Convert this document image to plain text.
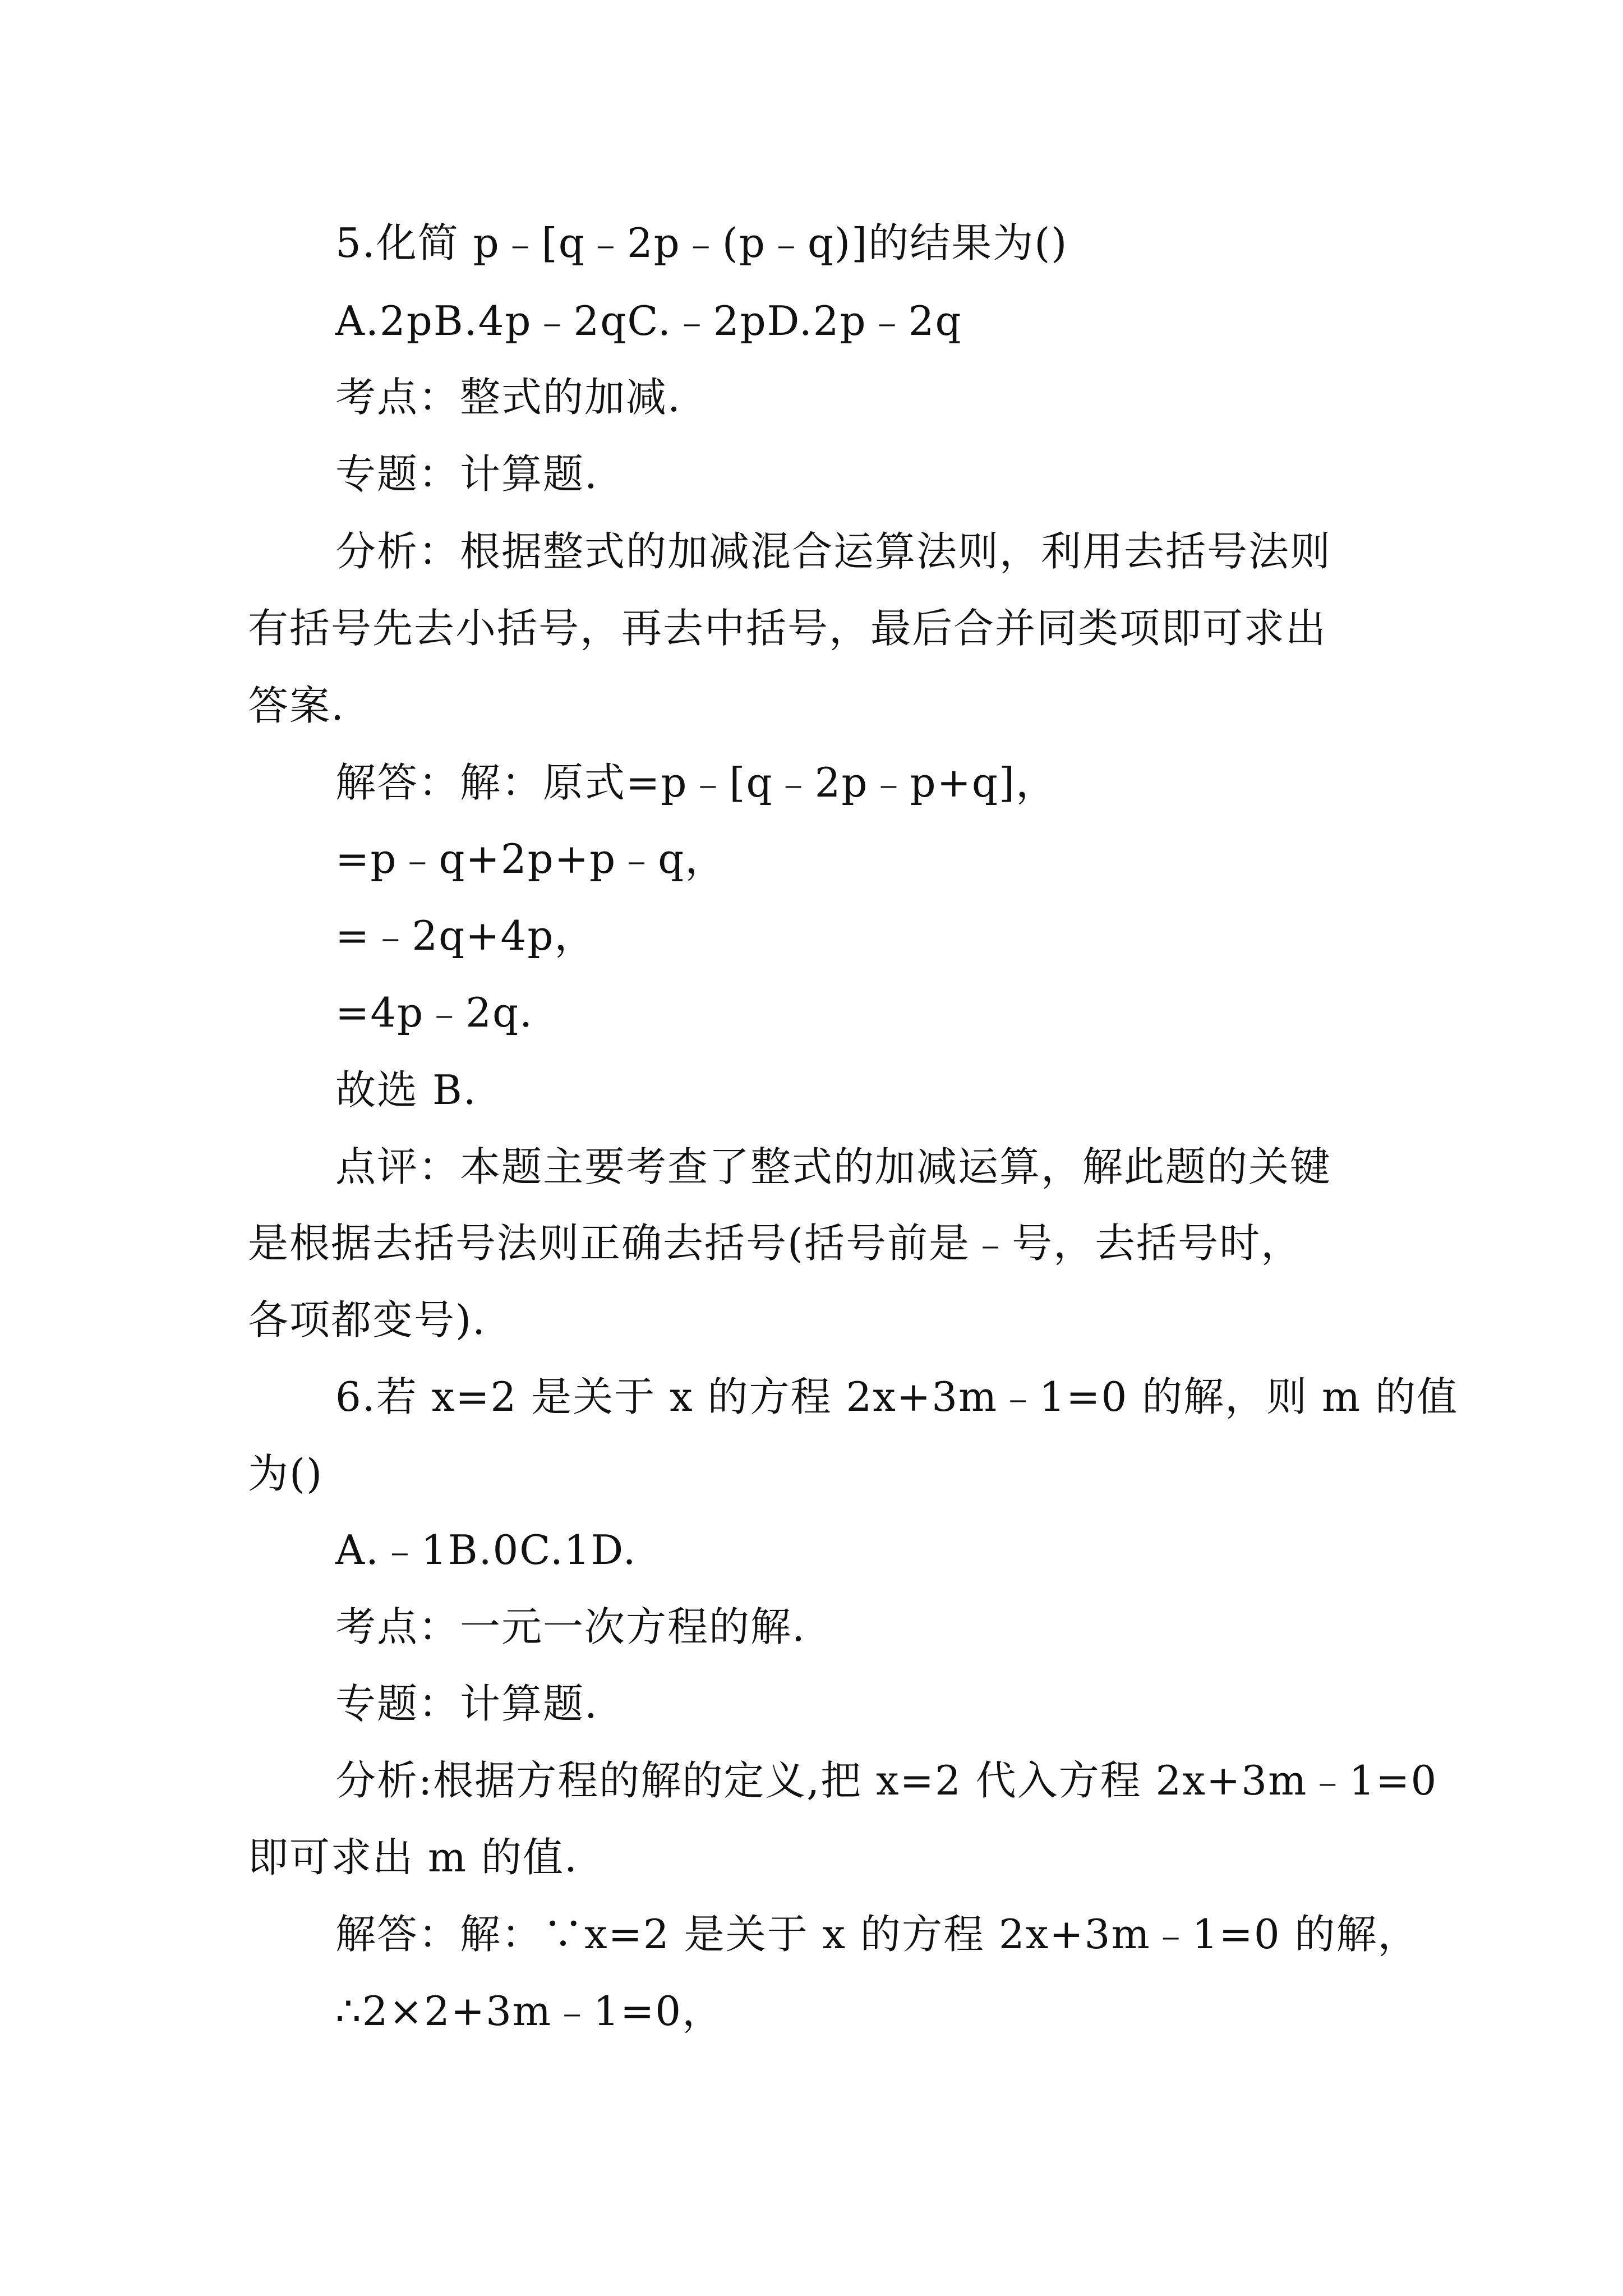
5.化简 p﹣[q﹣2p﹣(p﹣q)]的结果为()
A.2pB.4p﹣2qC.﹣2pD.2p﹣2q
考点：整式的加减.
专题：计算题.
分析：根据整式的加减混合运算法则，利用去括号法则
有括号先去小括号，再去中括号，最后合并同类项即可求出
答案.
解答：解：原式=p﹣[q﹣2p﹣p+q]，
=p﹣q+2p+p﹣q，
=﹣2q+4p，
=4p﹣2q.
故选 B.
点评：本题主要考查了整式的加减运算，解此题的关键
是根据去括号法则正确去括号(括号前是﹣号，去括号时，
各项都变号).
6.若 x=2 是关于 x 的方程 2x+3m﹣1=0 的解，则 m 的值
为()
A.﹣1B.0C.1D.
考点：一元一次方程的解.
专题：计算题.
分析:根据方程的解的定义,把 x=2 代入方程 2x+3m﹣1=0
即可求出 m 的值.
解答：解：∵x=2 是关于 x 的方程 2x+3m﹣1=0 的解，
∴2×2+3m﹣1=0，
